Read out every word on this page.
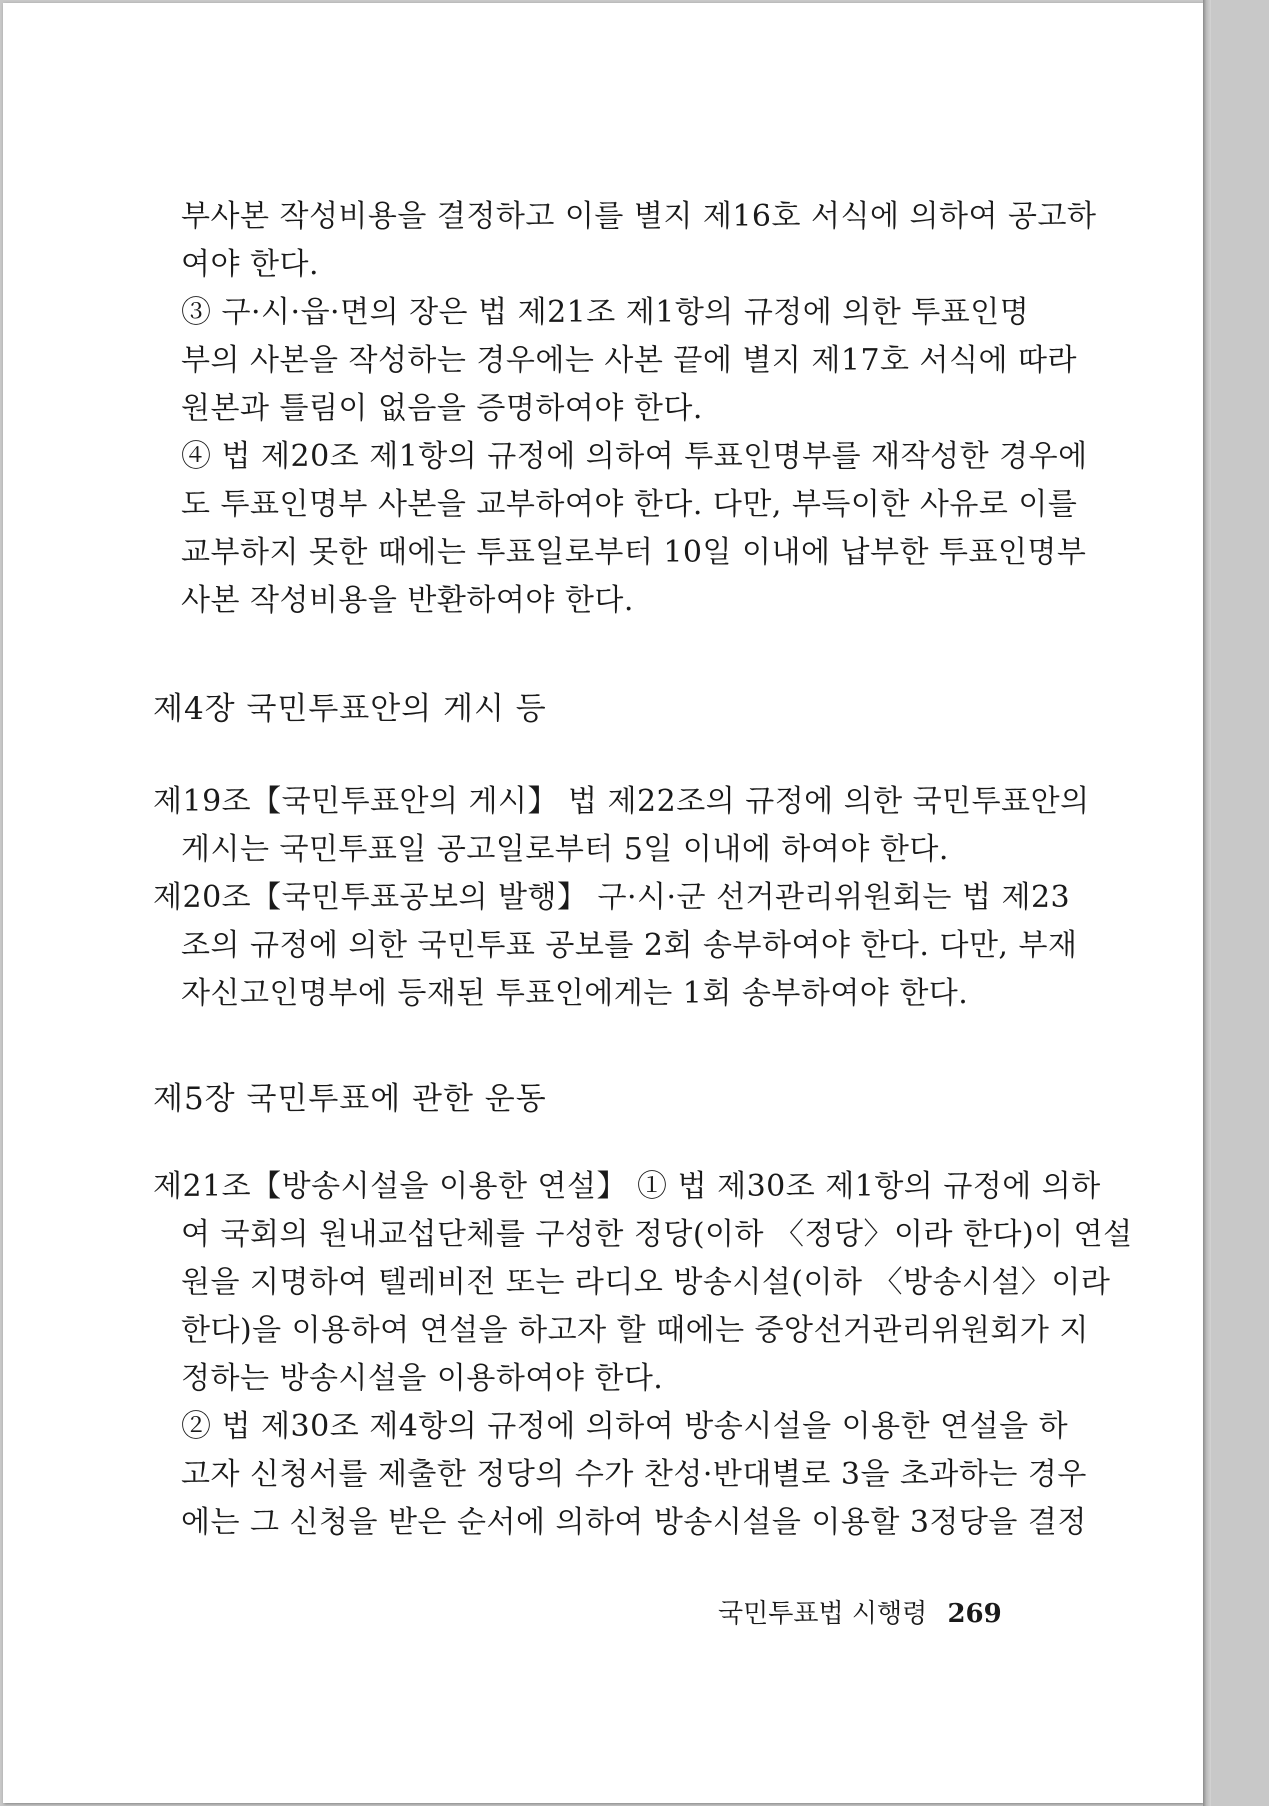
부사본 작성비용을 결정하고 이를 별지 제16호 서식에 의하여 공고하
여야 한다.
③ 구·시·읍·면의 장은 법 제21조 제1항의 규정에 의한 투표인명
부의 사본을 작성하는 경우에는 사본 끝에 별지 제17호 서식에 따라
원본과 틀림이 없음을 증명하여야 한다.
④ 법 제20조 제1항의 규정에 의하여 투표인명부를 재작성한 경우에
도 투표인명부 사본을 교부하여야 한다. 다만, 부득이한 사유로 이를
교부하지 못한 때에는 투표일로부터 10일 이내에 납부한 투표인명부
사본 작성비용을 반환하여야 한다.
제4장 국민투표안의 게시 등
제19조【국민투표안의 게시】 법 제22조의 규정에 의한 국민투표안의
게시는 국민투표일 공고일로부터 5일 이내에 하여야 한다.
제20조【국민투표공보의 발행】 구·시·군 선거관리위원회는 법 제23
조의 규정에 의한 국민투표 공보를 2회 송부하여야 한다. 다만, 부재
자신고인명부에 등재된 투표인에게는 1회 송부하여야 한다.
제5장 국민투표에 관한 운동
제21조【방송시설을 이용한 연설】 ① 법 제30조 제1항의 규정에 의하
여 국회의 원내교섭단체를 구성한 정당(이하 〈정당〉이라 한다)이 연설
원을 지명하여 텔레비전 또는 라디오 방송시설(이하 〈방송시설〉이라
한다)을 이용하여 연설을 하고자 할 때에는 중앙선거관리위원회가 지
정하는 방송시설을 이용하여야 한다.
② 법 제30조 제4항의 규정에 의하여 방송시설을 이용한 연설을 하
고자 신청서를 제출한 정당의 수가 찬성·반대별로 3을 초과하는 경우
에는 그 신청을 받은 순서에 의하여 방송시설을 이용할 3정당을 결정
국민투표법 시행령 269
